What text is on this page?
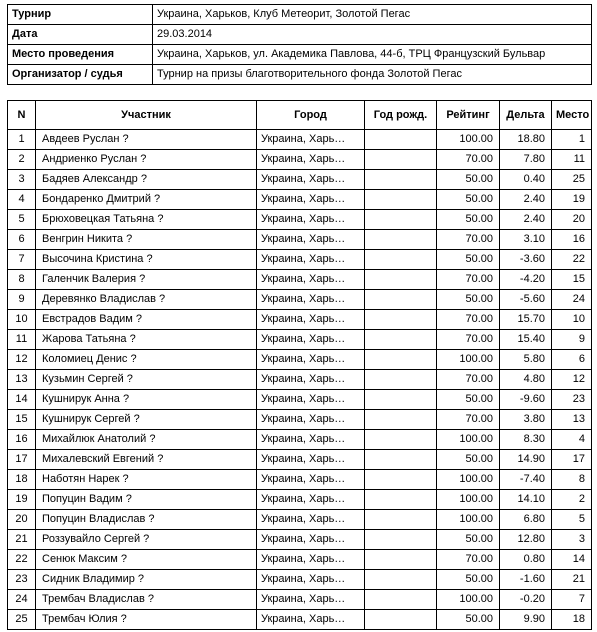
Турнир	Украина, Харьков, Клуб Метеорит, Золотой Пегас
Дата	29.03.2014
Место проведения	Украина, Харьков, ул. Академика Павлова, 44-б, ТРЦ Французский Бульвар
Организатор / судья	Турнир на призы благотворительного фонда Золотой Пегас
N	Участник	Город	Год рожд.	Рейтинг	Дельта	Место
1	Авдеев Руслан ?	Украина, Харь…		100.00	18.80	1
2	Андриенко Руслан ?	Украина, Харь…		70.00	7.80	11
3	Бадяев Александр ?	Украина, Харь…		50.00	0.40	25
4	Бондаренко Дмитрий ?	Украина, Харь…		50.00	2.40	19
5	Брюховецкая Татьяна ?	Украина, Харь…		50.00	2.40	20
6	Венгрин Никита ?	Украина, Харь…		70.00	3.10	16
7	Высочина Кристина ?	Украина, Харь…		50.00	-3.60	22
8	Галенчик Валерия ?	Украина, Харь…		70.00	-4.20	15
9	Деревянко Владислав ?	Украина, Харь…		50.00	-5.60	24
10	Евстрадов Вадим ?	Украина, Харь…		70.00	15.70	10
11	Жарова Татьяна ?	Украина, Харь…		70.00	15.40	9
12	Коломиец Денис ?	Украина, Харь…		100.00	5.80	6
13	Кузьмин Сергей ?	Украина, Харь…		70.00	4.80	12
14	Кушнирук Анна ?	Украина, Харь…		50.00	-9.60	23
15	Кушнирук Сергей ?	Украина, Харь…		70.00	3.80	13
16	Михайлюк Анатолий ?	Украина, Харь…		100.00	8.30	4
17	Михалевский Евгений ?	Украина, Харь…		50.00	14.90	17
18	Наботян Нарек ?	Украина, Харь…		100.00	-7.40	8
19	Попуцин Вадим ?	Украина, Харь…		100.00	14.10	2
20	Попуцин Владислав ?	Украина, Харь…		100.00	6.80	5
21	Роззувайло Сергей ?	Украина, Харь…		50.00	12.80	3
22	Сенюк Максим ?	Украина, Харь…		70.00	0.80	14
23	Сидник Владимир ?	Украина, Харь…		50.00	-1.60	21
24	Трембач Владислав ?	Украина, Харь…		100.00	-0.20	7
25	Трембач Юлия ?	Украина, Харь…		50.00	9.90	18
